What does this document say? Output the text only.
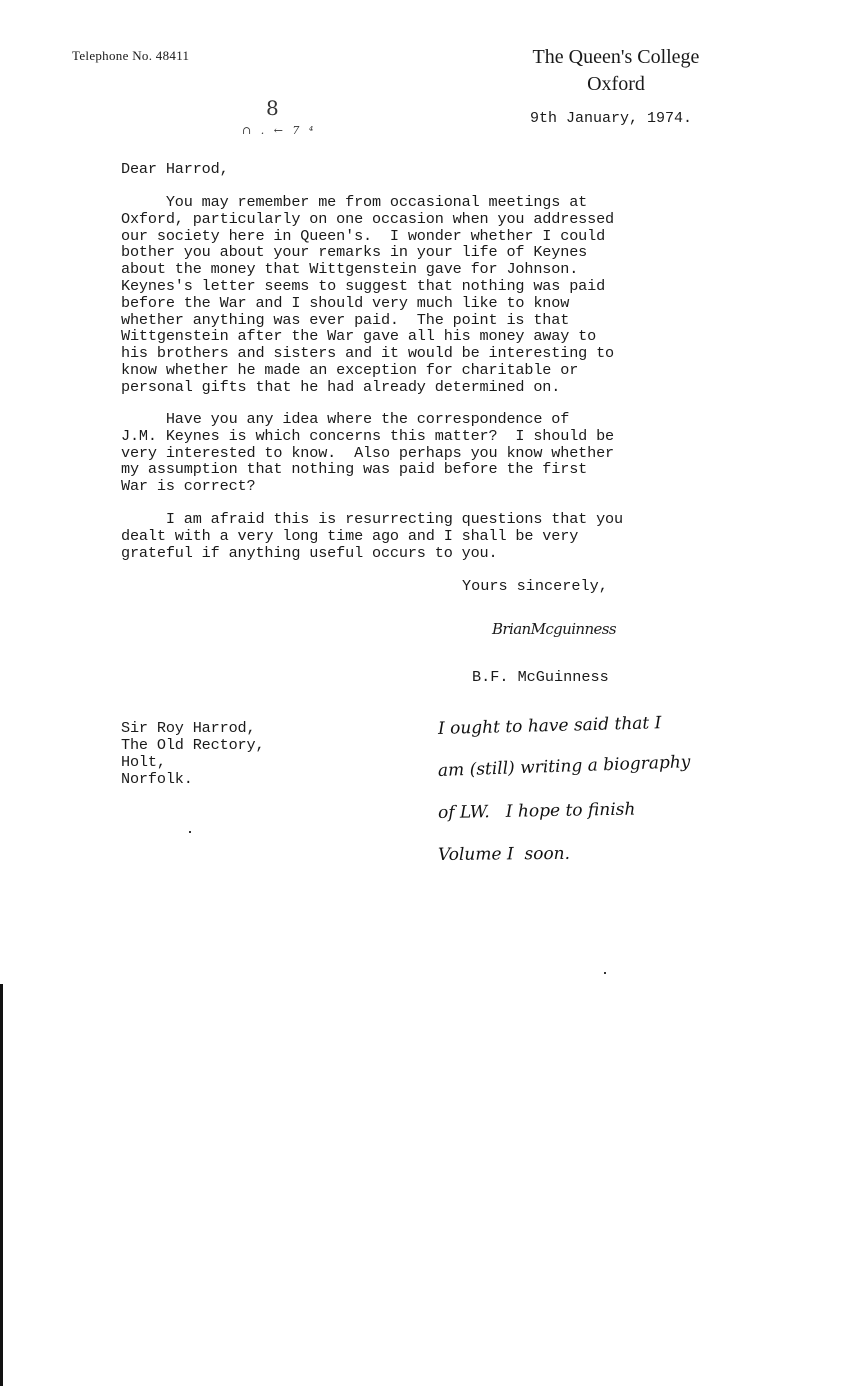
Telephone No. 48411	The Queen's College
Oxford
9th January, 1974.
8
∩ . ← 7 ⁴
Dear Harrod,
You may remember me from occasional meetings at
Oxford, particularly on one occasion when you addressed
our society here in Queen's.  I wonder whether I could
bother you about your remarks in your life of Keynes
about the money that Wittgenstein gave for Johnson.
Keynes's letter seems to suggest that nothing was paid
before the War and I should very much like to know
whether anything was ever paid.  The point is that
Wittgenstein after the War gave all his money away to
his brothers and sisters and it would be interesting to
know whether he made an exception for charitable or
personal gifts that he had already determined on.
Have you any idea where the correspondence of
J.M. Keynes is which concerns this matter?  I should be
very interested to know.  Also perhaps you know whether
my assumption that nothing was paid before the first
War is correct?
I am afraid this is resurrecting questions that you
dealt with a very long time ago and I shall be very
grateful if anything useful occurs to you.
Yours sincerely,
BrianMcguinness
B.F. McGuinness
Sir Roy Harrod,
The Old Rectory,
Holt,
Norfolk.
I ought to have said that I
am (still) writing a biography
of LW.   I hope to finish
Volume I  soon.
